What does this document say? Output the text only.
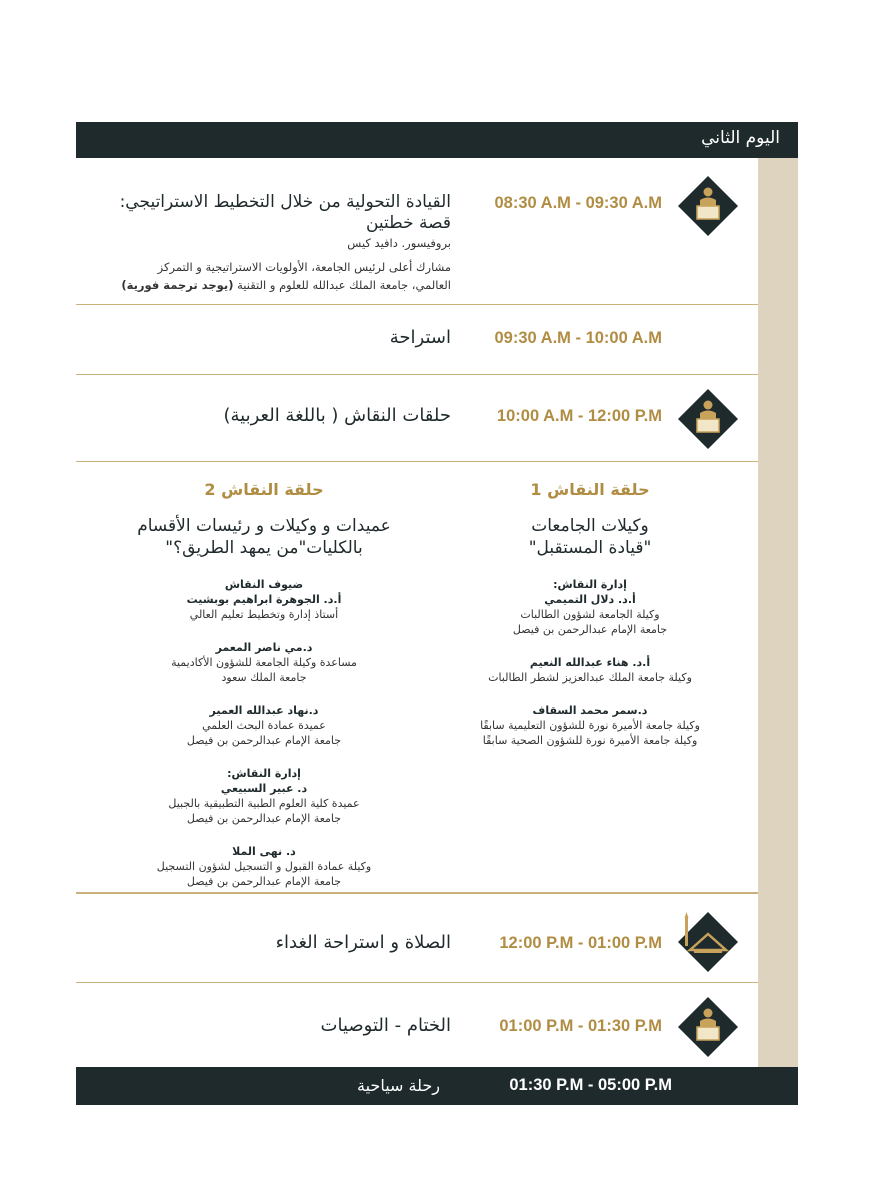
اليوم الثاني
08:30 A.M - 09:30 A.M
القيادة التحولية من خلال التخطيط الاستراتيجي:
قصة خطتين
بروفيسور. دافيد كيس
مشارك أعلى لرئيس الجامعة، الأولويات الاستراتيجية و التمركز
العالمي، جامعة الملك عبدالله للعلوم و التقنية (يوجد ترجمة فورية)
09:30 A.M - 10:00 A.M
استراحة
10:00 A.M - 12:00 P.M
حلقات النقاش ( باللغة العربية)
حلقة النقاش 1
وكيلات الجامعات
"قيادة المستقبل"
إدارة النقاش:
أ.د. دلال التميمي
وكيلة الجامعة لشؤون الطالبات
جامعة الإمام عبدالرحمن بن فيصل
أ.د. هناء عبدالله النعيم
وكيلة جامعة الملك عبدالعزيز لشطر الطالبات
د.سمر محمد السقاف
وكيلة جامعة الأميرة نورة للشؤون التعليمية سابقًا
وكيلة جامعة الأميرة نورة للشؤون الصحية سابقًا
حلقة النقاش 2
عميدات و وكيلات و رئيسات الأقسام
بالكليات"من يمهد الطريق؟"
ضيوف النقاش
أ.د. الجوهرة ابراهيم بوبشيت
أستاذ إدارة وتخطيط تعليم العالي
د.مي ناصر المعمر
مساعدة وكيلة الجامعة للشؤون الأكاديمية
جامعة الملك سعود
د.نهاد عبدالله العمير
عميدة عمادة البحث العلمي
جامعة الإمام عبدالرحمن بن فيصل
إدارة النقاش:
د. عبير السبيعي
عميدة كلية العلوم الطبية التطبيقية بالجبيل
جامعة الإمام عبدالرحمن بن فيصل
د. نهى الملا
وكيلة عمادة القبول و التسجيل لشؤون التسجيل
جامعة الإمام عبدالرحمن بن فيصل
12:00 P.M - 01:00 P.M
الصلاة و استراحة الغداء
01:00 P.M - 01:30 P.M
الختام - التوصيات
01:30 P.M - 05:00 P.M
رحلة سياحية
